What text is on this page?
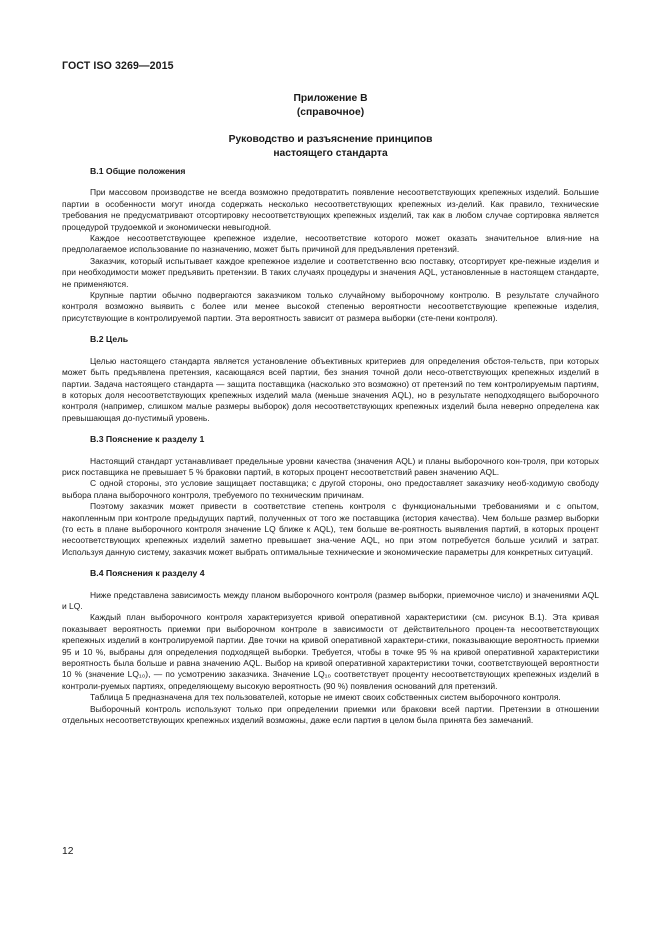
ГОСТ ISO 3269—2015
Приложение В
(справочное)
Руководство и разъяснение принципов
настоящего стандарта
В.1 Общие положения

При массовом производстве не всегда возможно предотвратить появление несоответствующих крепежных изделий. Большие партии в особенности могут иногда содержать несколько несоответствующих крепежных из-делий. Как правило, технические требования не предусматривают отсортировку несоответствующих крепежных изделий, так как в любом случае сортировка является процедурой трудоемкой и экономически невыгодной.

Каждое несоответствующее крепежное изделие, несоответствие которого может оказать значительное влия-ние на предполагаемое использование по назначению, может быть причиной для предъявления претензий.

Заказчик, который испытывает каждое крепежное изделие и соответственно всю поставку, отсортирует кре-пежные изделия и при необходимости может предъявить претензии. В таких случаях процедуры и значения AQL, установленные в настоящем стандарте, не применяются.

Крупные партии обычно подвергаются заказчиком только случайному выборочному контролю. В результате случайного контроля возможно выявить с более или менее высокой степенью вероятности несоответствующие крепежные изделия, присутствующие в контролируемой партии. Эта вероятность зависит от размера выборки (сте-пени контроля).

В.2 Цель

Целью настоящего стандарта является установление объективных критериев для определения обстоя-тельств, при которых может быть предъявлена претензия, касающаяся всей партии, без знания точной доли несо-ответствующих крепежных изделий в партии. Задача настоящего стандарта — защита поставщика (насколько это возможно) от претензий по тем контролируемым партиям, в которых доля несоответствующих крепежных изделий мала (меньше значения AQL), но в результате неподходящего выборочного контроля (например, слишком малые размеры выборок) доля несоответствующих крепежных изделий была неверно определена как превышающая до-пустимый уровень.

В.3 Пояснение к разделу 1

Настоящий стандарт устанавливает предельные уровни качества (значения AQL) и планы выборочного кон-троля, при которых риск поставщика не превышает 5 % браковки партий, в которых процент несоответствий равен значению AQL.

С одной стороны, это условие защищает поставщика; с другой стороны, оно предоставляет заказчику необ-ходимую свободу выбора плана выборочного контроля, требуемого по техническим причинам.

Поэтому заказчик может привести в соответствие степень контроля с функциональными требованиями и с опытом, накопленным при контроле предыдущих партий, полученных от того же поставщика (история качества). Чем больше размер выборки (то есть в плане выборочного контроля значение LQ ближе к AQL), тем больше ве-роятность выявления партий, в которых процент несоответствующих крепежных изделий заметно превышает зна-чение AQL, но при этом потребуется больше усилий и затрат. Используя данную систему, заказчик может выбрать оптимальные технические и экономические параметры для конкретных ситуаций.

В.4 Пояснения к разделу 4

Ниже представлена зависимость между планом выборочного контроля (размер выборки, приемочное число) и значениями AQL и LQ.

Каждый план выборочного контроля характеризуется кривой оперативной характеристики (см. рисунок В.1). Эта кривая показывает вероятность приемки при выборочном контроле в зависимости от действительного процен-та несоответствующих крепежных изделий в контролируемой партии. Две точки на кривой оперативной характери-стики, показывающие вероятность приемки 95 и 10 %, выбраны для определения подходящей выборки. Требуется, чтобы в точке 95 % на кривой оперативной характеристики вероятность была больше и равна значению AQL. Выбор на кривой оперативной характеристики точки, соответствующей вероятности 10 % (значение LQ₁₀), — по усмотрению заказчика. Значение LQ₁₀ соответствует проценту несоответствующих крепежных изделий в контроли-руемых партиях, определяющему высокую вероятность (90 %) появления оснований для претензий.

Таблица 5 предназначена для тех пользователей, которые не имеют своих собственных систем выборочного контроля.

Выборочный контроль используют только при определении приемки или браковки всей партии. Претензии в отношении отдельных несоответствующих крепежных изделий возможны, даже если партия в целом была принята без замечаний.

12
